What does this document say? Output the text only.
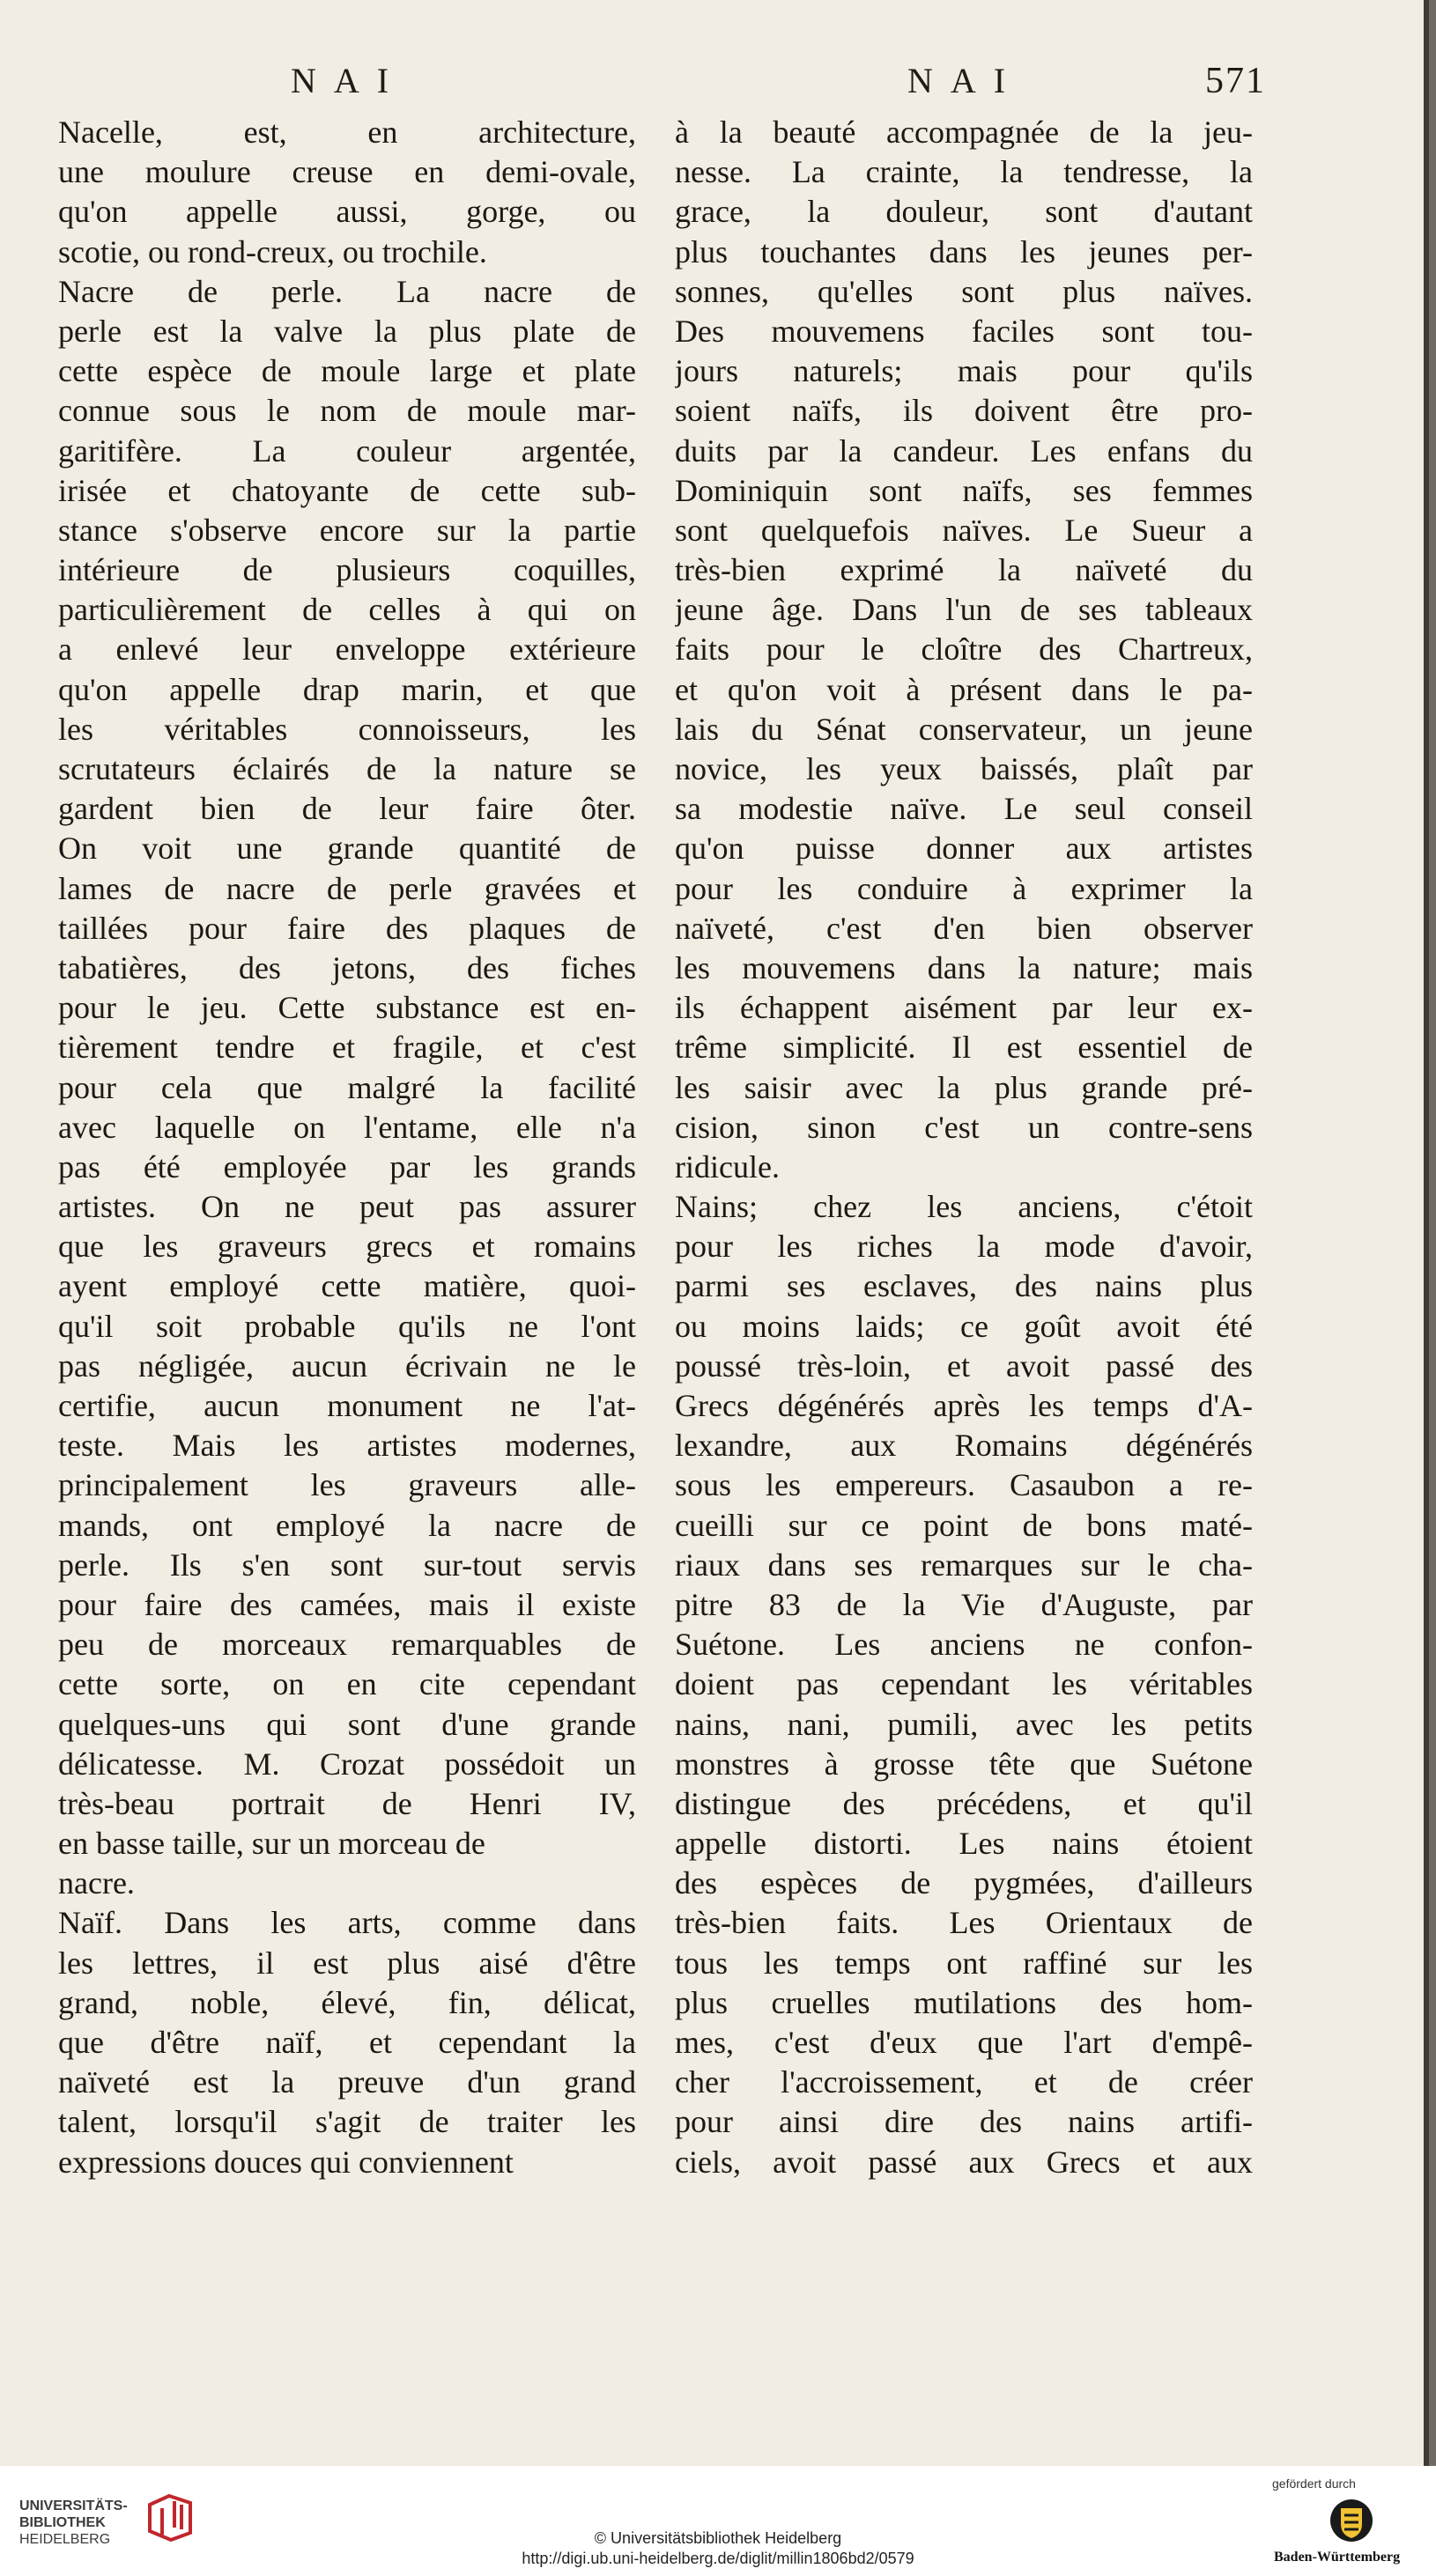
NAI	NAI	571
Nacelle, est, en architecture,
une moulure creuse en demi-ovale,
qu'on appelle aussi, gorge, ou
scotie, ou rond-creux, ou trochile.
Nacre de perle. La nacre de
perle est la valve la plus plate de
cette espèce de moule large et plate
connue sous le nom de moule mar-
garitifère. La couleur argentée,
irisée et chatoyante de cette sub-
stance s'observe encore sur la partie
intérieure de plusieurs coquilles,
particulièrement de celles à qui on
a enlevé leur enveloppe extérieure
qu'on appelle drap marin, et que
les véritables connoisseurs, les
scrutateurs éclairés de la nature se
gardent bien de leur faire ôter.
On voit une grande quantité de
lames de nacre de perle gravées et
taillées pour faire des plaques de
tabatières, des jetons, des fiches
pour le jeu. Cette substance est en-
tièrement tendre et fragile, et c'est
pour cela que malgré la facilité
avec laquelle on l'entame, elle n'a
pas été employée par les grands
artistes. On ne peut pas assurer
que les graveurs grecs et romains
ayent employé cette matière, quoi-
qu'il soit probable qu'ils ne l'ont
pas négligée, aucun écrivain ne le
certifie, aucun monument ne l'at-
teste. Mais les artistes modernes,
principalement les graveurs alle-
mands, ont employé la nacre de
perle. Ils s'en sont sur-tout servis
pour faire des camées, mais il existe
peu de morceaux remarquables de
cette sorte, on en cite cependant
quelques-uns qui sont d'une grande
délicatesse. M. Crozat possédoit un
très-beau portrait de Henri IV,
en basse taille, sur un morceau de
nacre.
Naïf. Dans les arts, comme dans
les lettres, il est plus aisé d'être
grand, noble, élevé, fin, délicat,
que d'être naïf, et cependant la
naïveté est la preuve d'un grand
talent, lorsqu'il s'agit de traiter les
expressions douces qui conviennent
à la beauté accompagnée de la jeu-
nesse. La crainte, la tendresse, la
grace, la douleur, sont d'autant
plus touchantes dans les jeunes per-
sonnes, qu'elles sont plus naïves.
Des mouvemens faciles sont tou-
jours naturels; mais pour qu'ils
soient naïfs, ils doivent être pro-
duits par la candeur. Les enfans du
Dominiquin sont naïfs, ses femmes
sont quelquefois naïves. Le Sueur a
très-bien exprimé la naïveté du
jeune âge. Dans l'un de ses tableaux
faits pour le cloître des Chartreux,
et qu'on voit à présent dans le pa-
lais du Sénat conservateur, un jeune
novice, les yeux baissés, plaît par
sa modestie naïve. Le seul conseil
qu'on puisse donner aux artistes
pour les conduire à exprimer la
naïveté, c'est d'en bien observer
les mouvemens dans la nature; mais
ils échappent aisément par leur ex-
trême simplicité. Il est essentiel de
les saisir avec la plus grande pré-
cision, sinon c'est un contre-sens
ridicule.
Nains; chez les anciens, c'étoit
pour les riches la mode d'avoir,
parmi ses esclaves, des nains plus
ou moins laids; ce goût avoit été
poussé très-loin, et avoit passé des
Grecs dégénérés après les temps d'A-
lexandre, aux Romains dégénérés
sous les empereurs. Casaubon a re-
cueilli sur ce point de bons maté-
riaux dans ses remarques sur le cha-
pitre 83 de la Vie d'Auguste, par
Suétone. Les anciens ne confon-
doient pas cependant les véritables
nains, nani, pumili, avec les petits
monstres à grosse tête que Suétone
distingue des précédens, et qu'il
appelle distorti. Les nains étoient
des espèces de pygmées, d'ailleurs
très-bien faits. Les Orientaux de
tous les temps ont raffiné sur les
plus cruelles mutilations des hom-
mes, c'est d'eux que l'art d'empê-
cher l'accroissement, et de créer
pour ainsi dire des nains artifi-
ciels, avoit passé aux Grecs et aux
UNIVERSITÄTS-
BIBLIOTHEK
HEIDELBERG	© Universitätsbibliothek Heidelberg
http://digi.ub.uni-heidelberg.de/diglit/millin1806bd2/0579
gefördert durch
Baden-Württemberg
